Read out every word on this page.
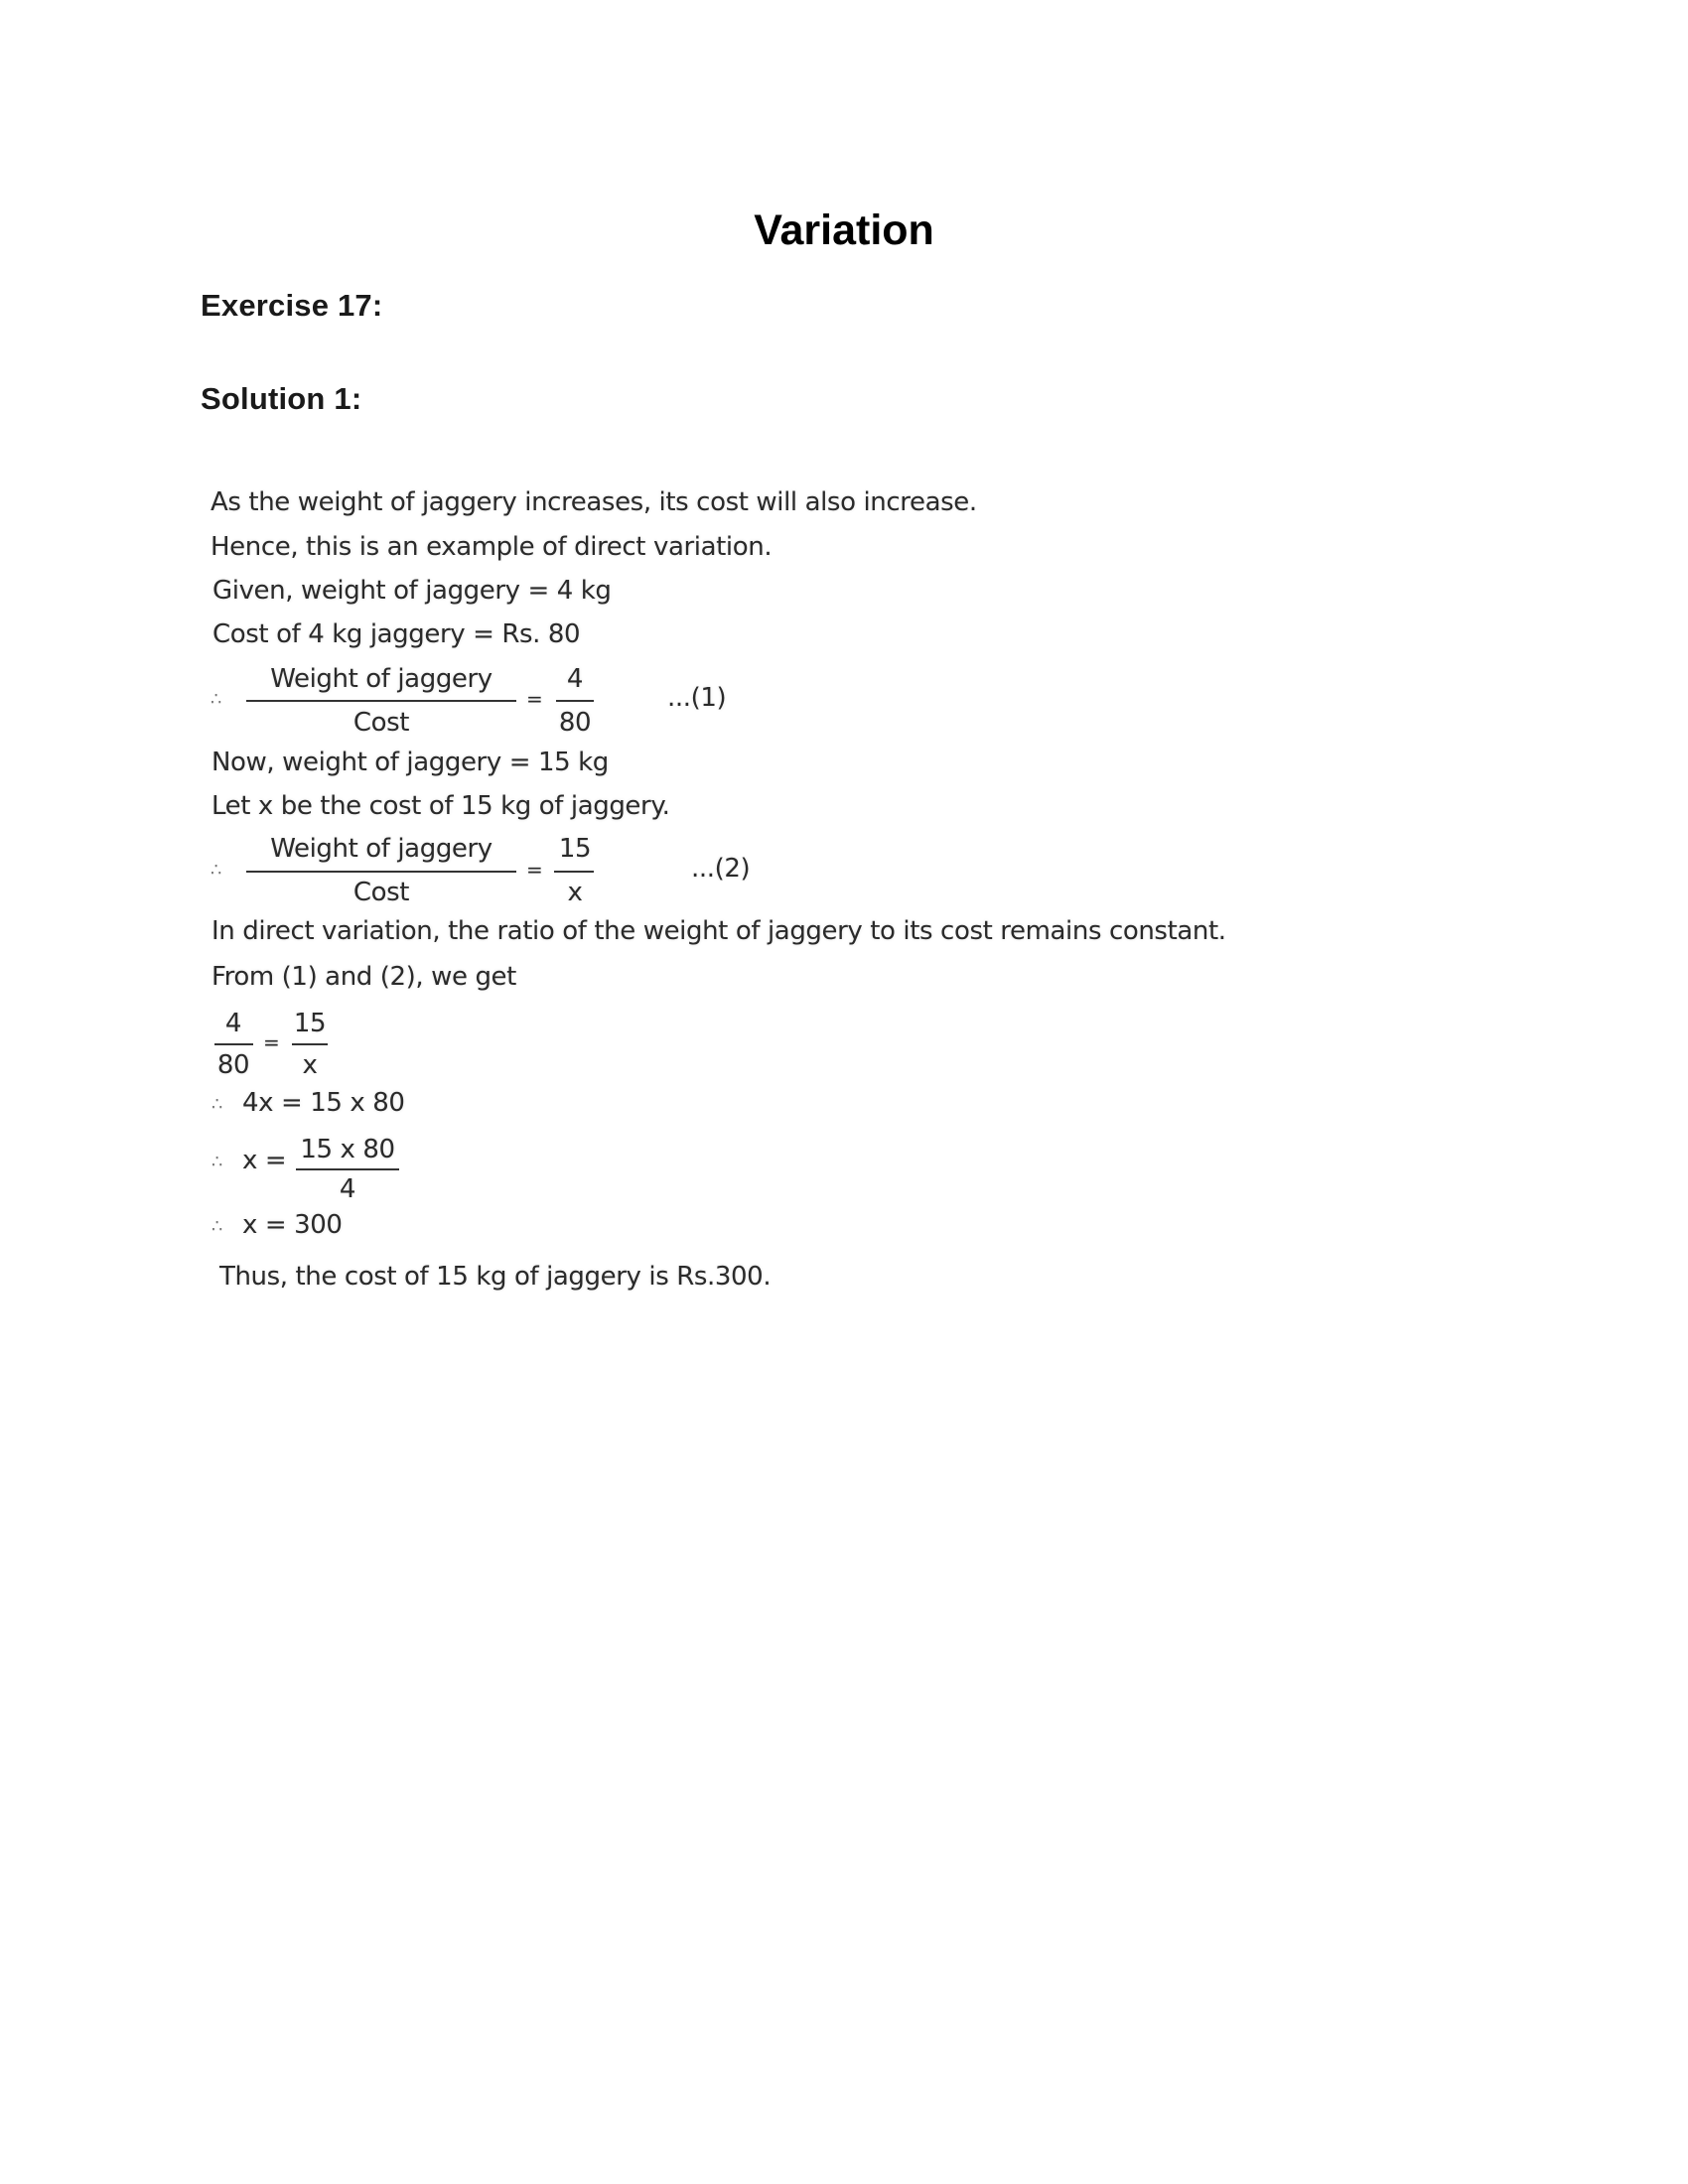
Variation
Exercise 17:
Solution 1:
As the weight of jaggery increases, its cost will also increase.
Hence, this is an example of direct variation.
Given, weight of jaggery = 4 kg
Cost of 4 kg jaggery = Rs. 80
∴
Weight of jaggery
Cost
=
4
80
...(1)
Now, weight of jaggery = 15 kg
Let x be the cost of 15 kg of jaggery.
∴
Weight of jaggery
Cost
=
15
x
...(2)
In direct variation, the ratio of the weight of jaggery to its cost remains constant.
From (1) and (2), we get
4
80
=
15
x
∴ 4x = 15 x 80
∴ x = 15 x 80
4
∴ x = 300
Thus, the cost of 15 kg of jaggery is Rs.300.
